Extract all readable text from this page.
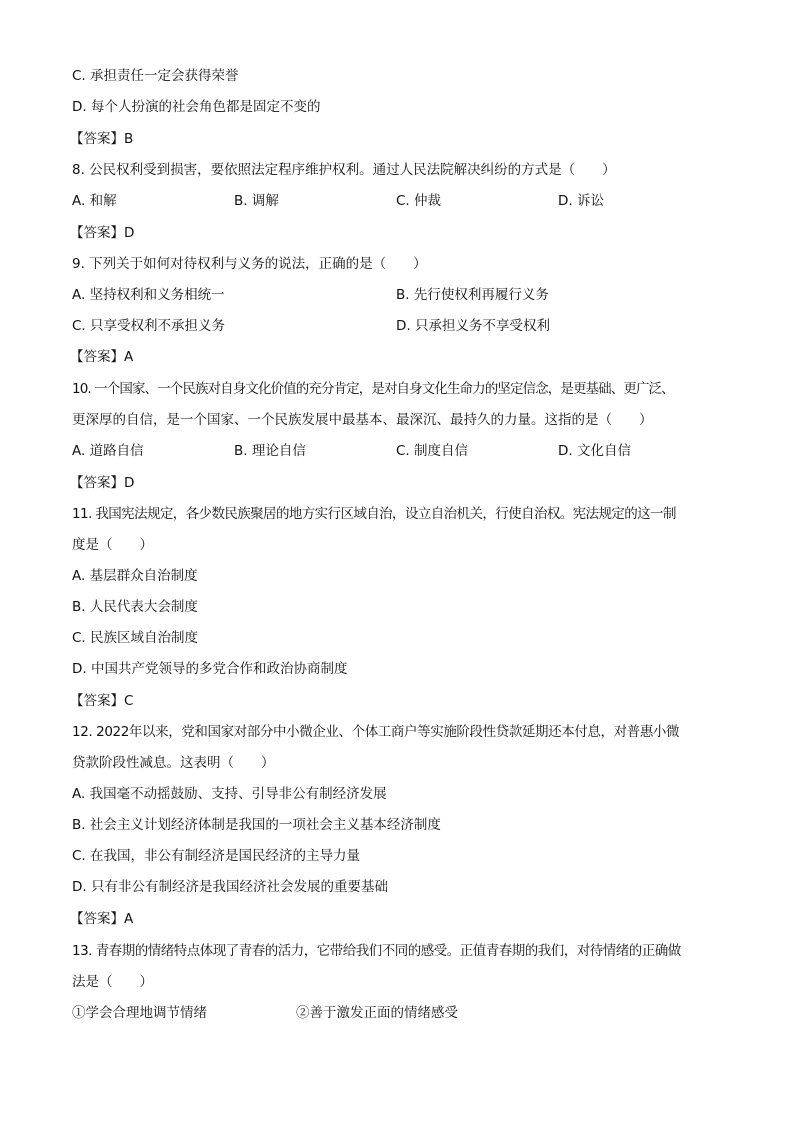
C. 承担责任一定会获得荣誉
D. 每个人扮演的社会角色都是固定不变的
【答案】B
8. 公民权利受到损害，要依照法定程序维护权利。通过人民法院解决纠纷的方式是（　　）
A. 和解	B. 调解	C. 仲裁	D. 诉讼
【答案】D
9. 下列关于如何对待权利与义务的说法，正确的是（　　）
A. 坚持权利和义务相统一	B. 先行使权利再履行义务
C. 只享受权利不承担义务	D. 只承担义务不享受权利
【答案】A
10. 一个国家、一个民族对自身文化价值的充分肯定，是对自身文化生命力的坚定信念，是更基础、更广泛、
更深厚的自信，是一个国家、一个民族发展中最基本、最深沉、最持久的力量。这指的是（　　）
A. 道路自信	B. 理论自信	C. 制度自信	D. 文化自信
【答案】D
11. 我国宪法规定，各少数民族聚居的地方实行区域自治，设立自治机关，行使自治权。宪法规定的这一制
度是（　　）
A. 基层群众自治制度
B. 人民代表大会制度
C. 民族区域自治制度
D. 中国共产党领导的多党合作和政治协商制度
【答案】C
12. 2022年以来，党和国家对部分中小微企业、个体工商户等实施阶段性贷款延期还本付息，对普惠小微
贷款阶段性减息。这表明（　　）
A. 我国毫不动摇鼓励、支持、引导非公有制经济发展
B. 社会主义计划经济体制是我国的一项社会主义基本经济制度
C. 在我国，非公有制经济是国民经济的主导力量
D. 只有非公有制经济是我国经济社会发展的重要基础
【答案】A
13. 青春期的情绪特点体现了青春的活力，它带给我们不同的感受。正值青春期的我们，对待情绪的正确做
法是（　　）
①学会合理地调节情绪	②善于激发正面的情绪感受
